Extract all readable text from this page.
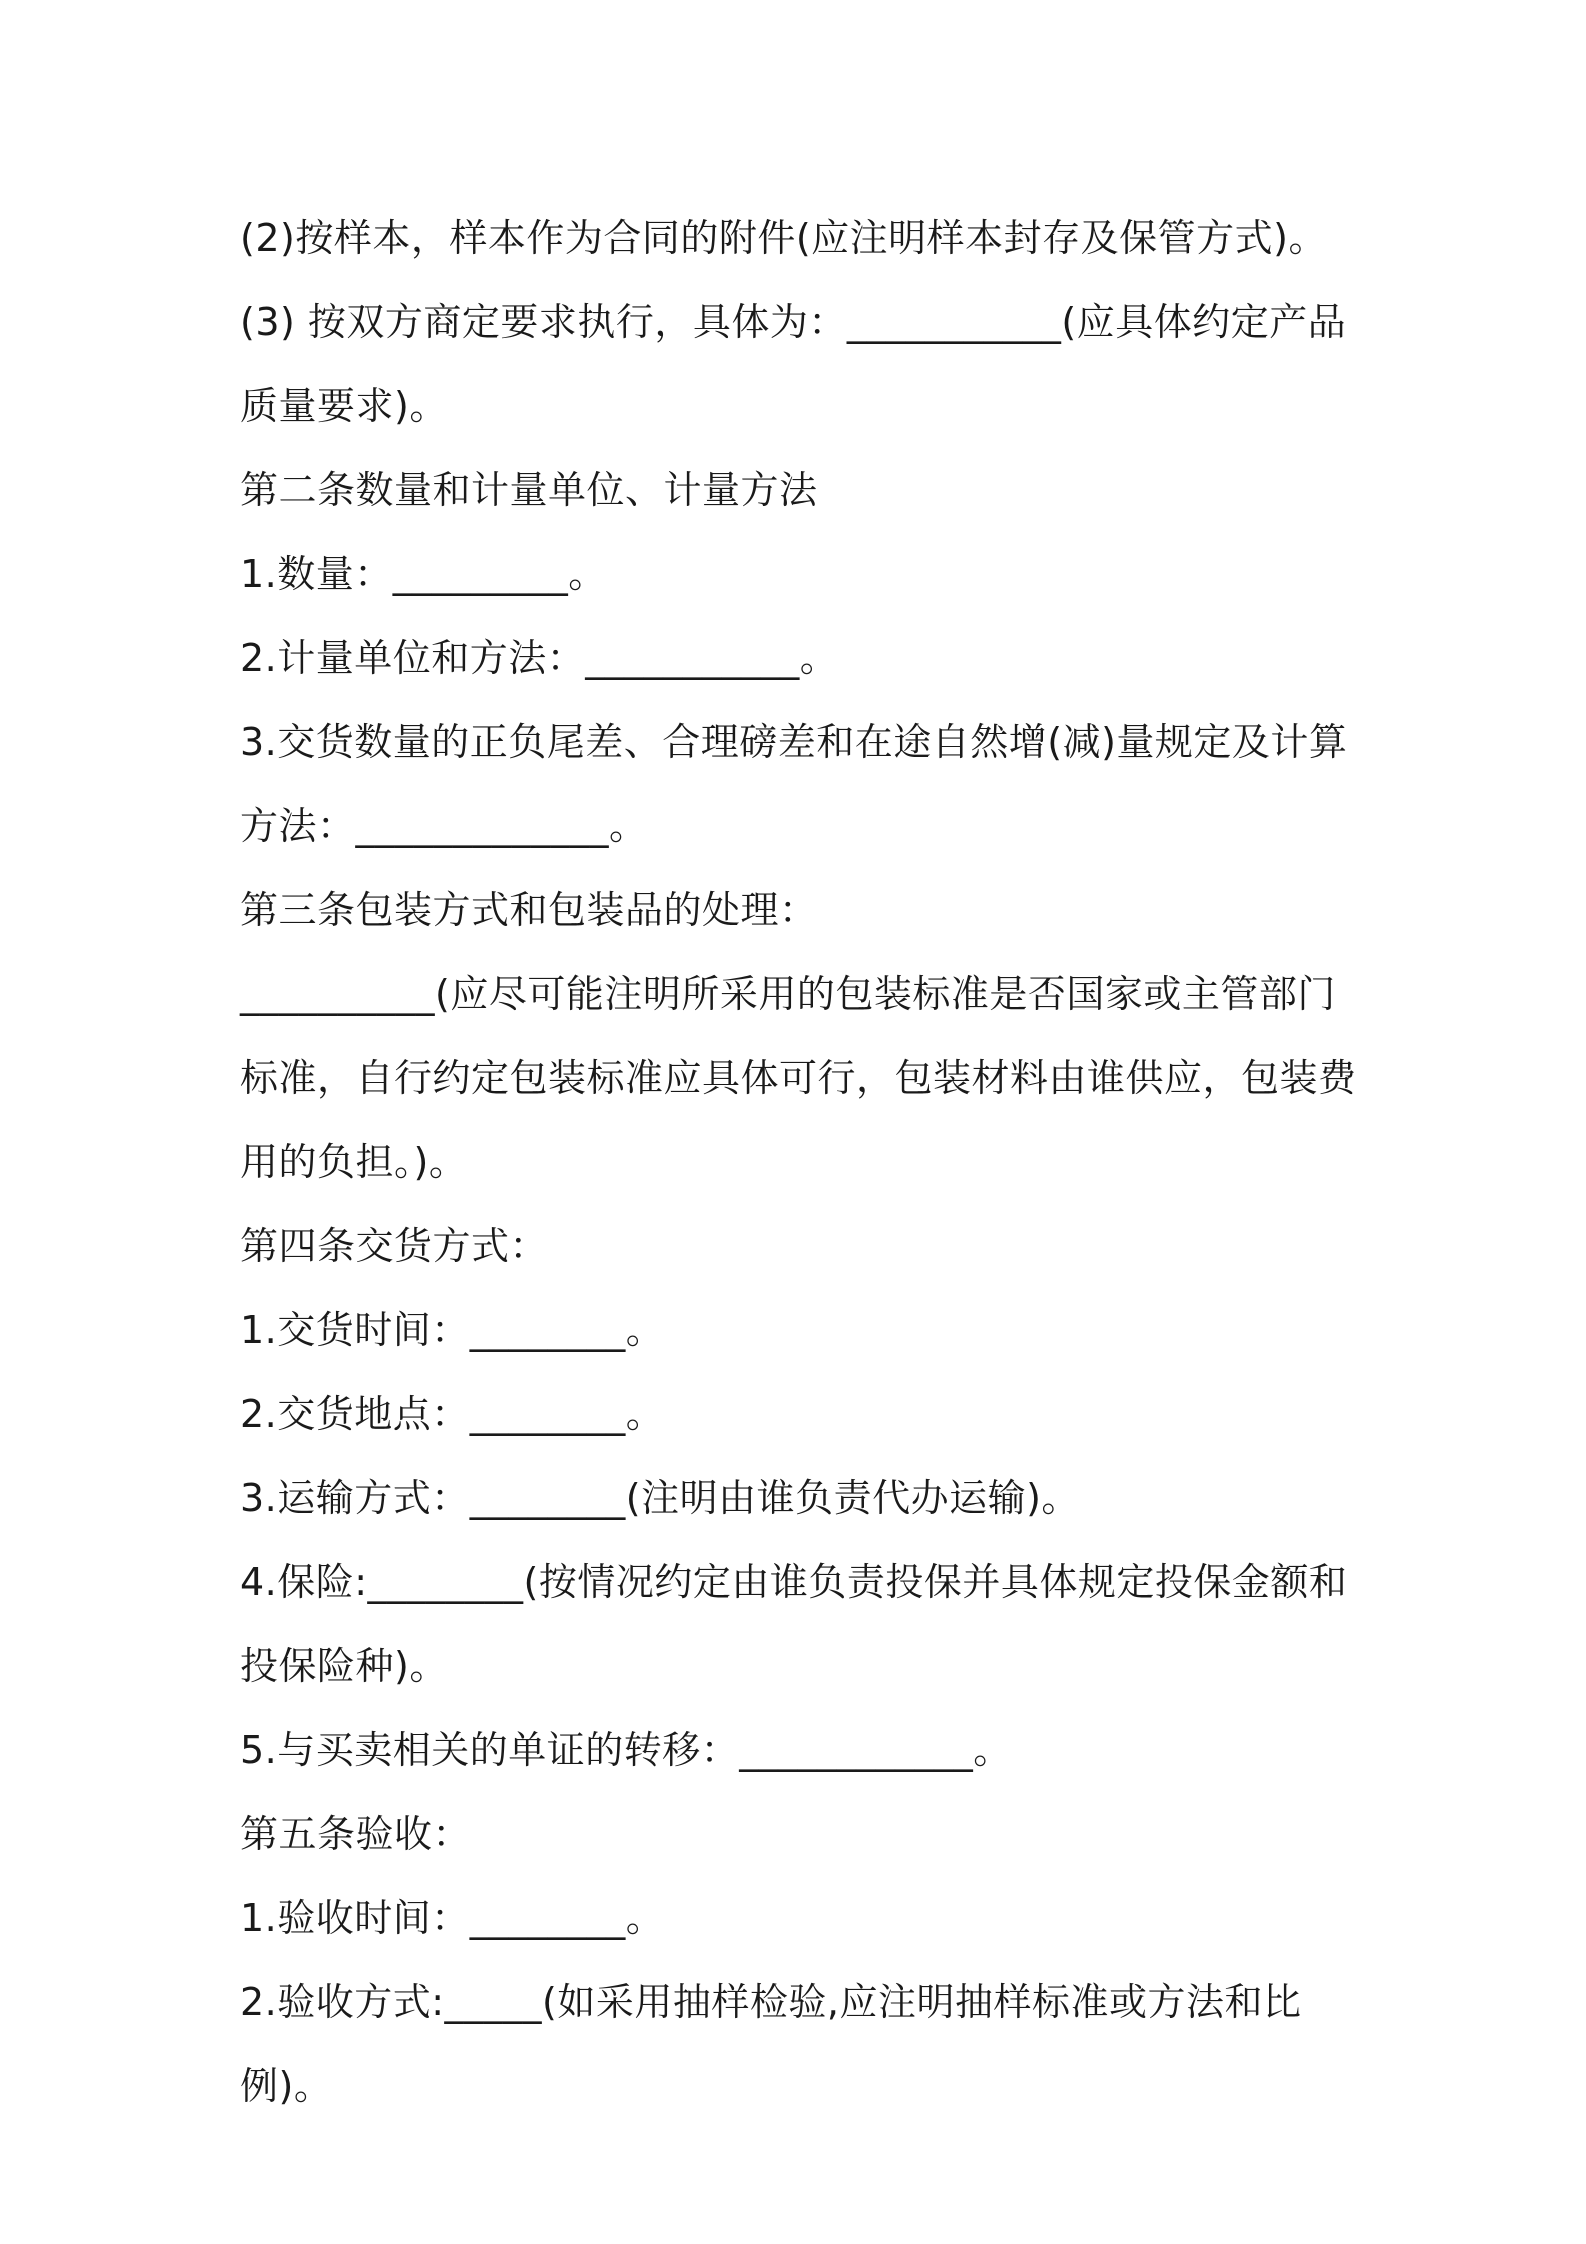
(2)按样本，样本作为合同的附件(应注明样本封存及保管方式)。

(3) 按双方商定要求执行，具体为：___________(应具体约定产品质量要求)。

第二条数量和计量单位、计量方法

1.数量：_________。

2.计量单位和方法：___________。

3.交货数量的正负尾差、合理磅差和在途自然增(减)量规定及计算方法：_____________。

第三条包装方式和包装品的处理：

__________(应尽可能注明所采用的包装标准是否国家或主管部门标准，自行约定包装标准应具体可行，包装材料由谁供应，包装费用的负担。)。

第四条交货方式：

1.交货时间：________。

2.交货地点：________。

3.运输方式：________(注明由谁负责代办运输)。

4.保险:________(按情况约定由谁负责投保并具体规定投保金额和投保险种)。

5.与买卖相关的单证的转移：____________。

第五条验收：

1.验收时间：________。

2.验收方式:_____(如采用抽样检验,应注明抽样标准或方法和比例)。
